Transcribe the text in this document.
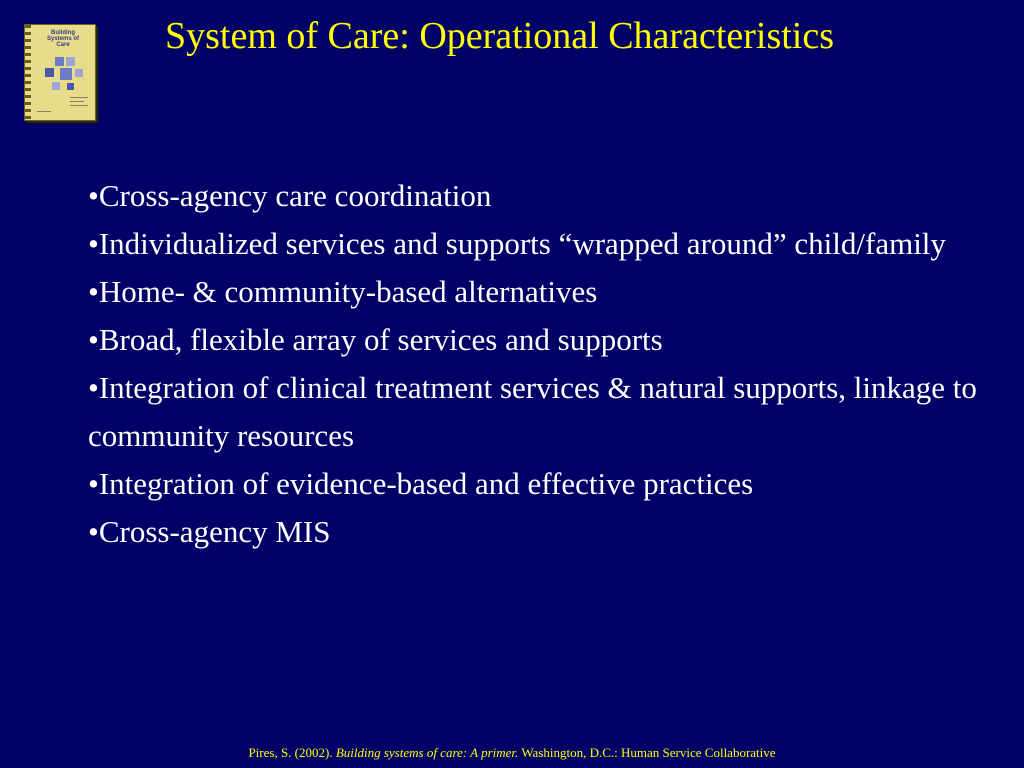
Building
Systems of
Care	System of Care: Operational Characteristics
•Cross-agency care coordination
•Individualized services and supports “wrapped around” child/family
•Home- & community-based alternatives
•Broad, flexible array of services and supports
•Integration of clinical treatment services & natural supports, linkage to community resources
•Integration of evidence-based and effective practices
•Cross-agency MIS
Pires, S. (2002). Building systems of care: A primer. Washington, D.C.: Human Service Collaborative
